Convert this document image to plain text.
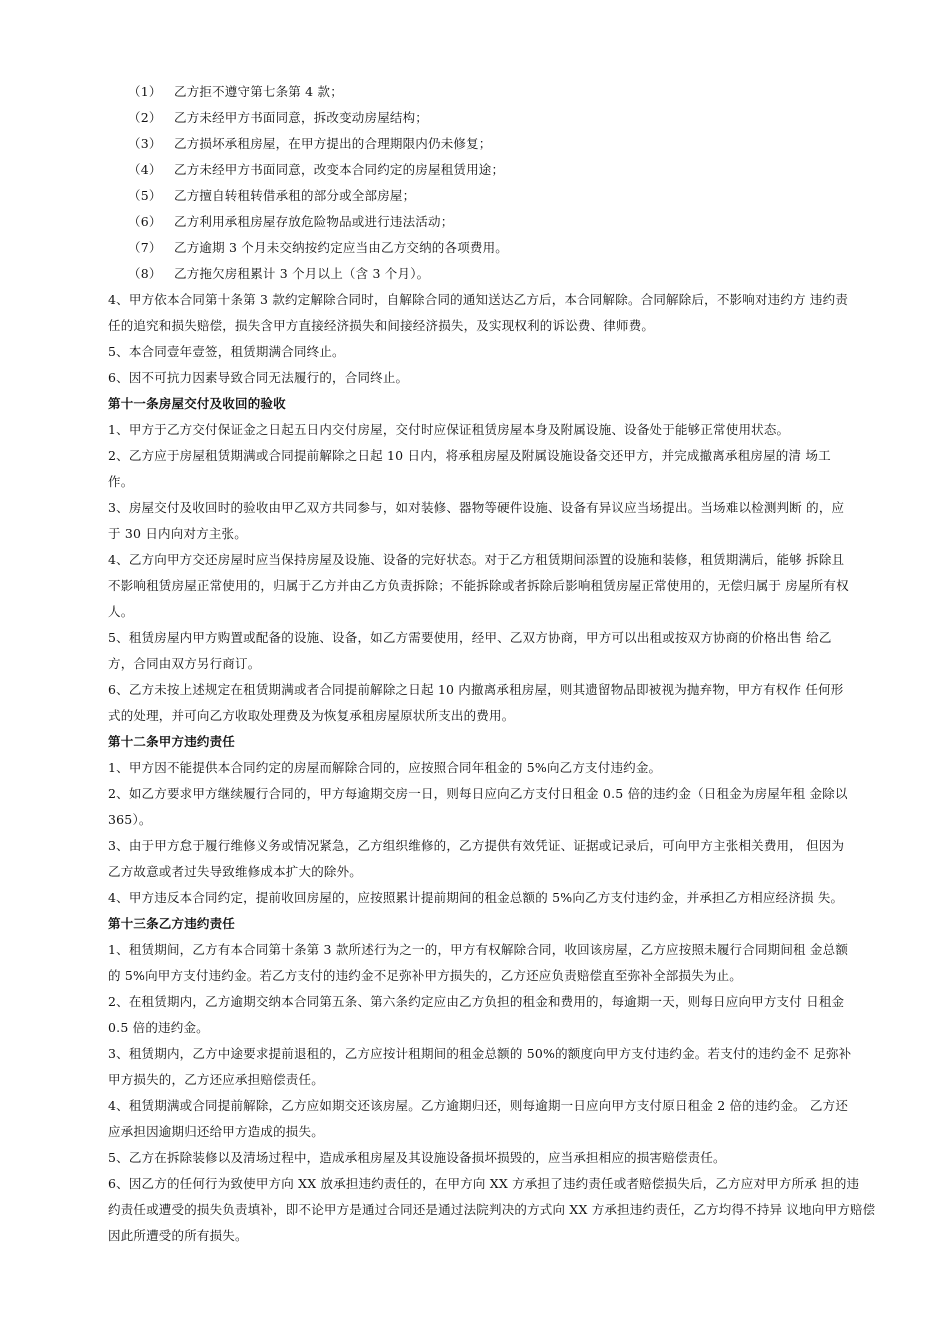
（1） 乙方拒不遵守第七条第 4 款；
（2） 乙方未经甲方书面同意，拆改变动房屋结构；
（3） 乙方损坏承租房屋，在甲方提出的合理期限内仍未修复；
（4） 乙方未经甲方书面同意，改变本合同约定的房屋租赁用途；
（5） 乙方擅自转租转借承租的部分或全部房屋；
（6） 乙方利用承租房屋存放危险物品或进行违法活动；
（7） 乙方逾期 3 个月未交纳按约定应当由乙方交纳的各项费用。
（8） 乙方拖欠房租累计 3 个月以上（含 3 个月）。
4、甲方依本合同第十条第 3 款约定解除合同时，自解除合同的通知送达乙方后，本合同解除。合同解除后，不影响对违约方 违约责
任的追究和损失赔偿，损失含甲方直接经济损失和间接经济损失，及实现权利的诉讼费、律师费。
5、本合同壹年壹签，租赁期满合同终止。
6、因不可抗力因素导致合同无法履行的，合同终止。
第十一条房屋交付及收回的验收
1、甲方于乙方交付保证金之日起五日内交付房屋，交付时应保证租赁房屋本身及附属设施、设备处于能够正常使用状态。
2、乙方应于房屋租赁期满或合同提前解除之日起 10 日内，将承租房屋及附属设施设备交还甲方，并完成撤离承租房屋的清 场工
作。
3、房屋交付及收回时的验收由甲乙双方共同参与，如对装修、器物等硬件设施、设备有异议应当场提出。当场难以检测判断 的，应
于 30 日内向对方主张。
4、乙方向甲方交还房屋时应当保持房屋及设施、设备的完好状态。对于乙方租赁期间添置的设施和装修，租赁期满后，能够 拆除且
不影响租赁房屋正常使用的，归属于乙方并由乙方负责拆除；不能拆除或者拆除后影响租赁房屋正常使用的，无偿归属于 房屋所有权
人。
5、租赁房屋内甲方购置或配备的设施、设备，如乙方需要使用，经甲、乙双方协商，甲方可以出租或按双方协商的价格出售 给乙
方，合同由双方另行商订。
6、乙方未按上述规定在租赁期满或者合同提前解除之日起 10 内撤离承租房屋，则其遗留物品即被视为抛弃物，甲方有权作 任何形
式的处理，并可向乙方收取处理费及为恢复承租房屋原状所支出的费用。
第十二条甲方违约责任
1、甲方因不能提供本合同约定的房屋而解除合同的，应按照合同年租金的 5%向乙方支付违约金。
2、如乙方要求甲方继续履行合同的，甲方每逾期交房一日，则每日应向乙方支付日租金 0.5 倍的违约金（日租金为房屋年租 金除以
365）。
3、由于甲方怠于履行维修义务或情况紧急，乙方组织维修的，乙方提供有效凭证、证据或记录后，可向甲方主张相关费用， 但因为
乙方故意或者过失导致维修成本扩大的除外。
4、甲方违反本合同约定，提前收回房屋的，应按照累计提前期间的租金总额的 5%向乙方支付违约金，并承担乙方相应经济损 失。
第十三条乙方违约责任
1、租赁期间，乙方有本合同第十条第 3 款所述行为之一的，甲方有权解除合同，收回该房屋，乙方应按照未履行合同期间租 金总额
的 5%向甲方支付违约金。若乙方支付的违约金不足弥补甲方损失的，乙方还应负责赔偿直至弥补全部损失为止。
2、在租赁期内，乙方逾期交纳本合同第五条、第六条约定应由乙方负担的租金和费用的，每逾期一天，则每日应向甲方支付 日租金
0.5 倍的违约金。
3、租赁期内，乙方中途要求提前退租的，乙方应按计租期间的租金总额的 50%的额度向甲方支付违约金。若支付的违约金不 足弥补
甲方损失的，乙方还应承担赔偿责任。
4、租赁期满或合同提前解除，乙方应如期交还该房屋。乙方逾期归还，则每逾期一日应向甲方支付原日租金 2 倍的违约金。 乙方还
应承担因逾期归还给甲方造成的损失。
5、乙方在拆除装修以及清场过程中，造成承租房屋及其设施设备损坏损毁的，应当承担相应的损害赔偿责任。
6、因乙方的任何行为致使甲方向 XX 放承担违约责任的，在甲方向 XX 方承担了违约责任或者赔偿损失后，乙方应对甲方所承 担的违
约责任或遭受的损失负责填补，即不论甲方是通过合同还是通过法院判决的方式向 XX 方承担违约责任，乙方均得不持异 议地向甲方赔偿
因此所遭受的所有损失。
